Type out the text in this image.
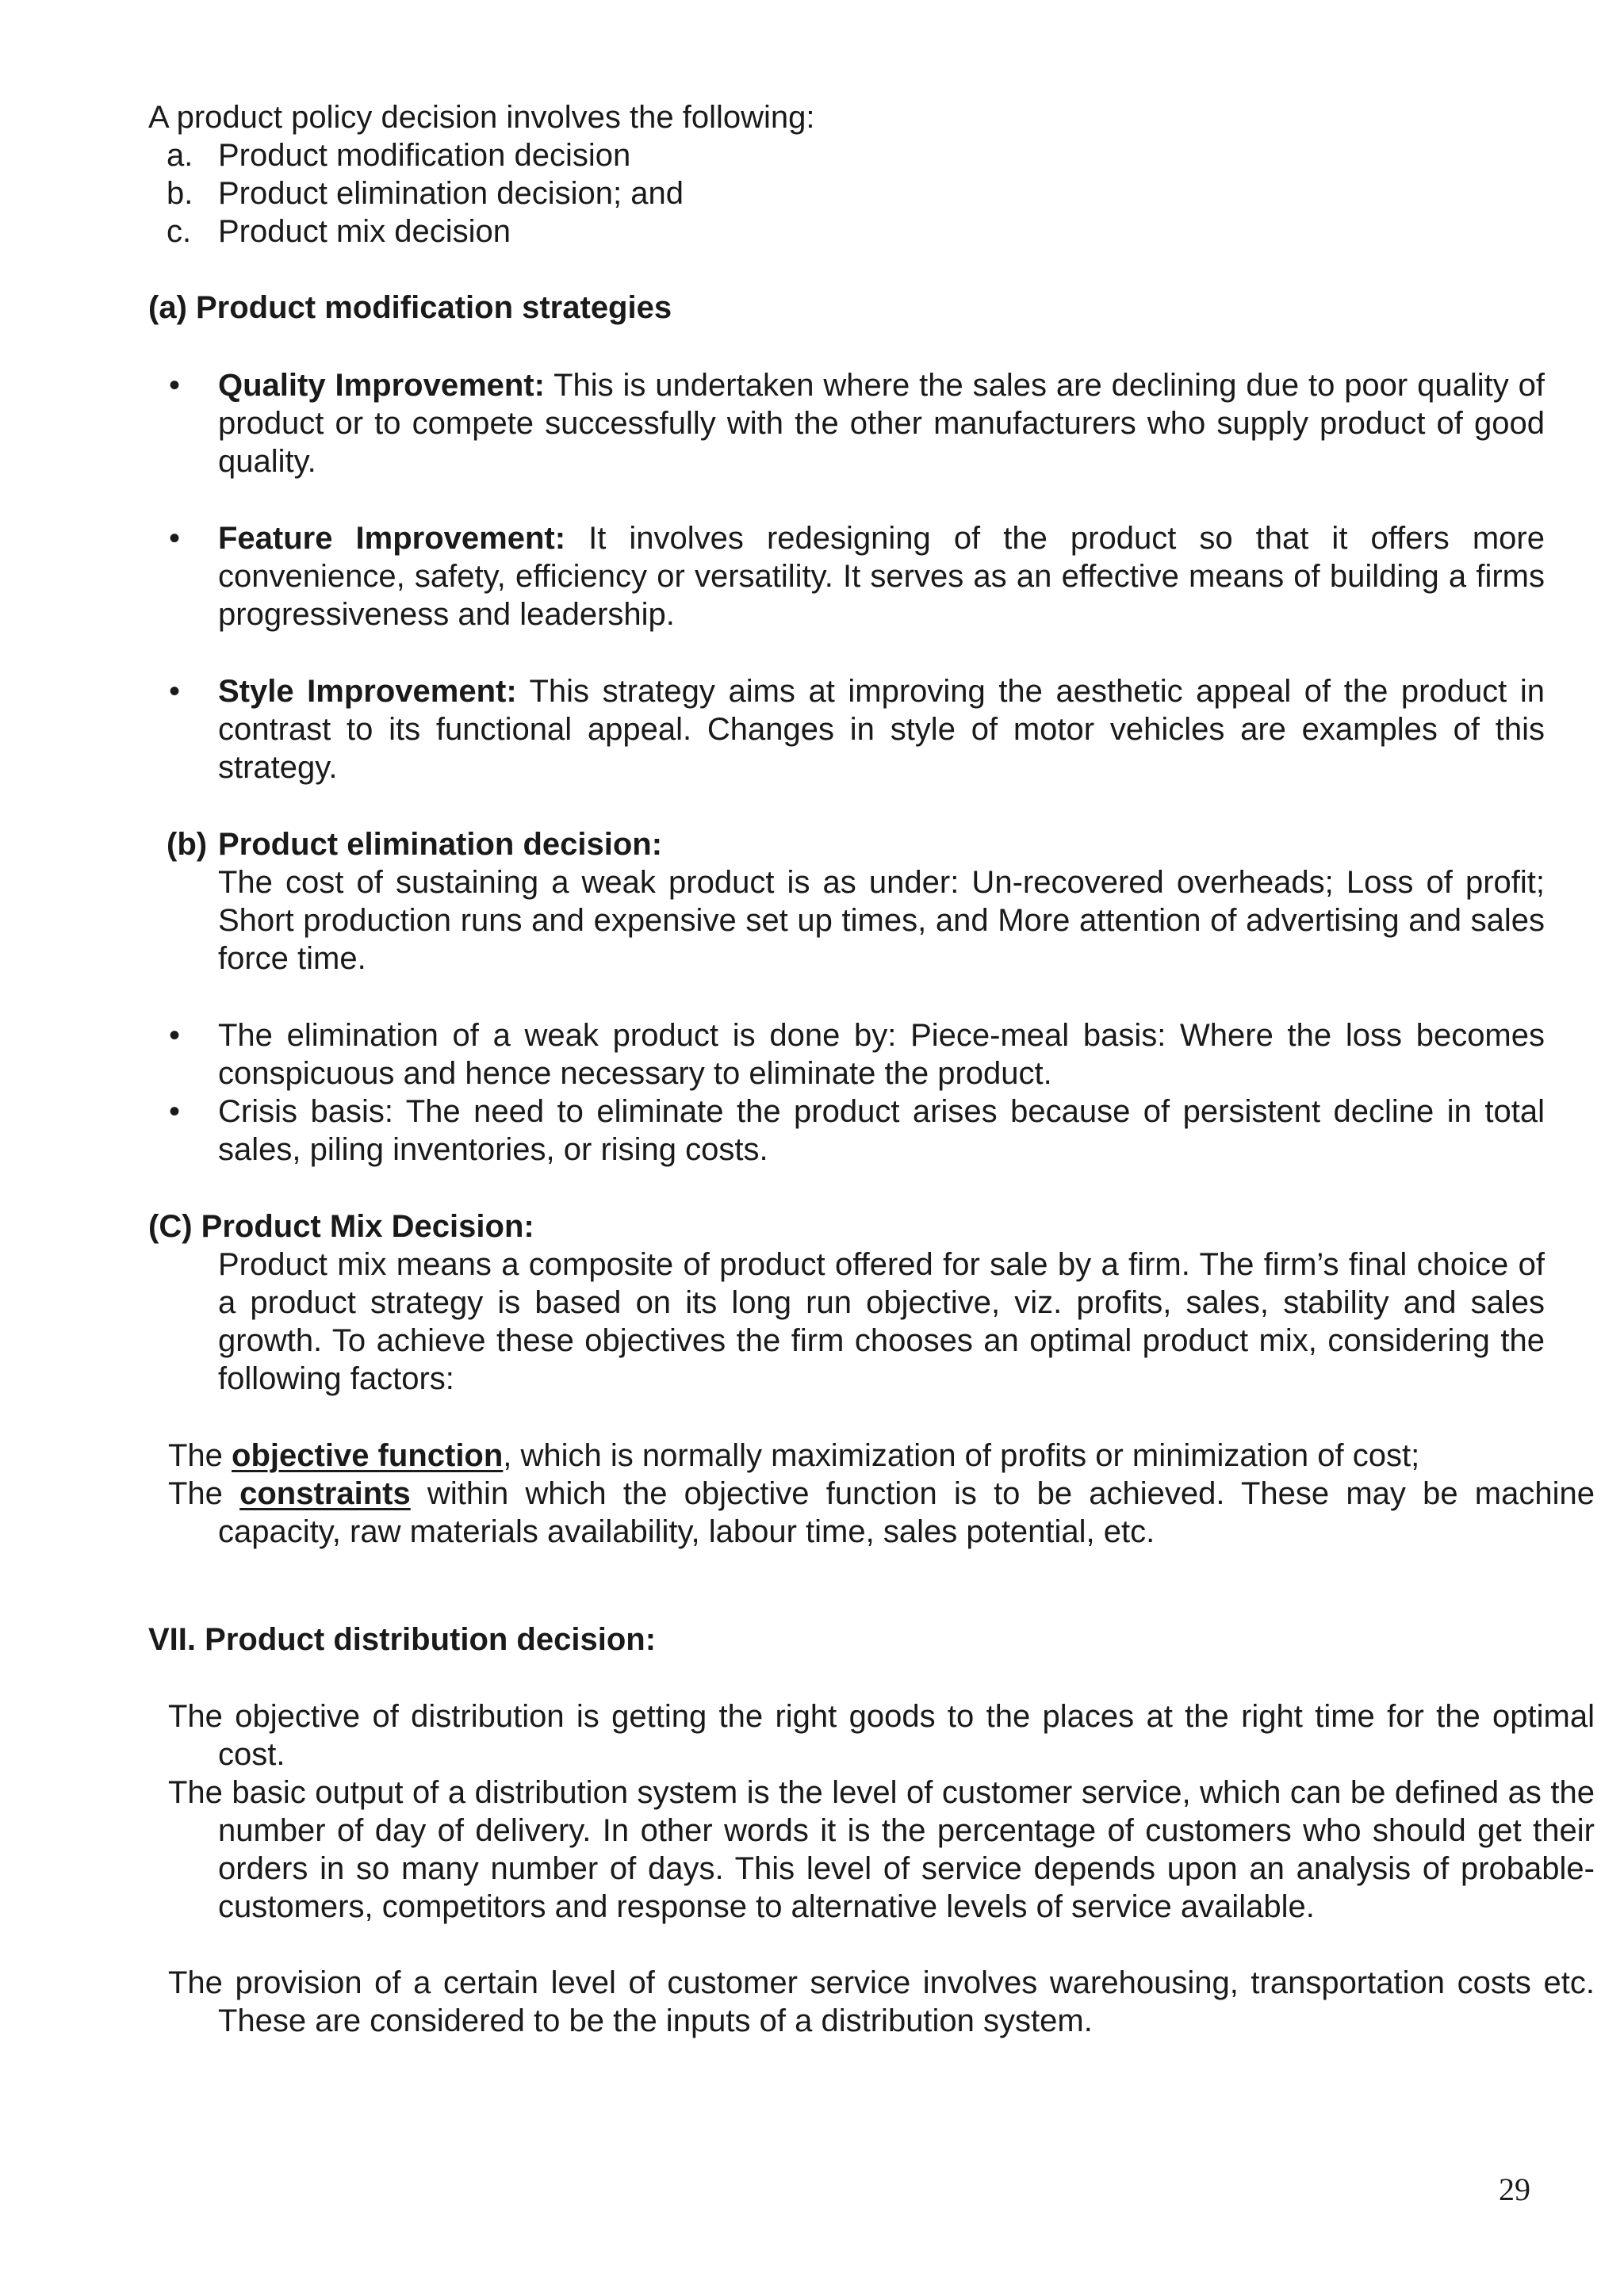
A product policy decision involves the following:
a. Product modification decision
b. Product elimination decision; and
c. Product mix decision
(a) Product modification strategies
• Quality Improvement: This is undertaken where the sales are declining due to poor quality of product or to compete successfully with the other manufacturers who supply product of good quality.
• Feature Improvement: It involves redesigning of the product so that it offers more convenience, safety, efficiency or versatility. It serves as an effective means of building a firms progressiveness and leadership.
• Style Improvement: This strategy aims at improving the aesthetic appeal of the product in contrast to its functional appeal. Changes in style of motor vehicles are examples of this strategy.
(b) Product elimination decision:
The cost of sustaining a weak product is as under: Un-recovered overheads; Loss of profit; Short production runs and expensive set up times, and More attention of advertising and sales force time.
• The elimination of a weak product is done by: Piece-meal basis: Where the loss becomes conspicuous and hence necessary to eliminate the product.
• Crisis basis: The need to eliminate the product arises because of persistent decline in total sales, piling inventories, or rising costs.
(C) Product Mix Decision:
Product mix means a composite of product offered for sale by a firm. The firm’s final choice of a product strategy is based on its long run objective, viz. profits, sales, stability and sales growth. To achieve these objectives the firm chooses an optimal product mix, considering the following factors:
The objective function, which is normally maximization of profits or minimization of cost;
The constraints within which the objective function is to be achieved. These may be machine capacity, raw materials availability, labour time, sales potential, etc.
VII. Product distribution decision:
The objective of distribution is getting the right goods to the places at the right time for the optimal cost.
The basic output of a distribution system is the level of customer service, which can be defined as the number of day of delivery. In other words it is the percentage of customers who should get their orders in so many number of days. This level of service depends upon an analysis of probable-customers, competitors and response to alternative levels of service available.
The provision of a certain level of customer service involves warehousing, transportation costs etc. These are considered to be the inputs of a distribution system.
29
